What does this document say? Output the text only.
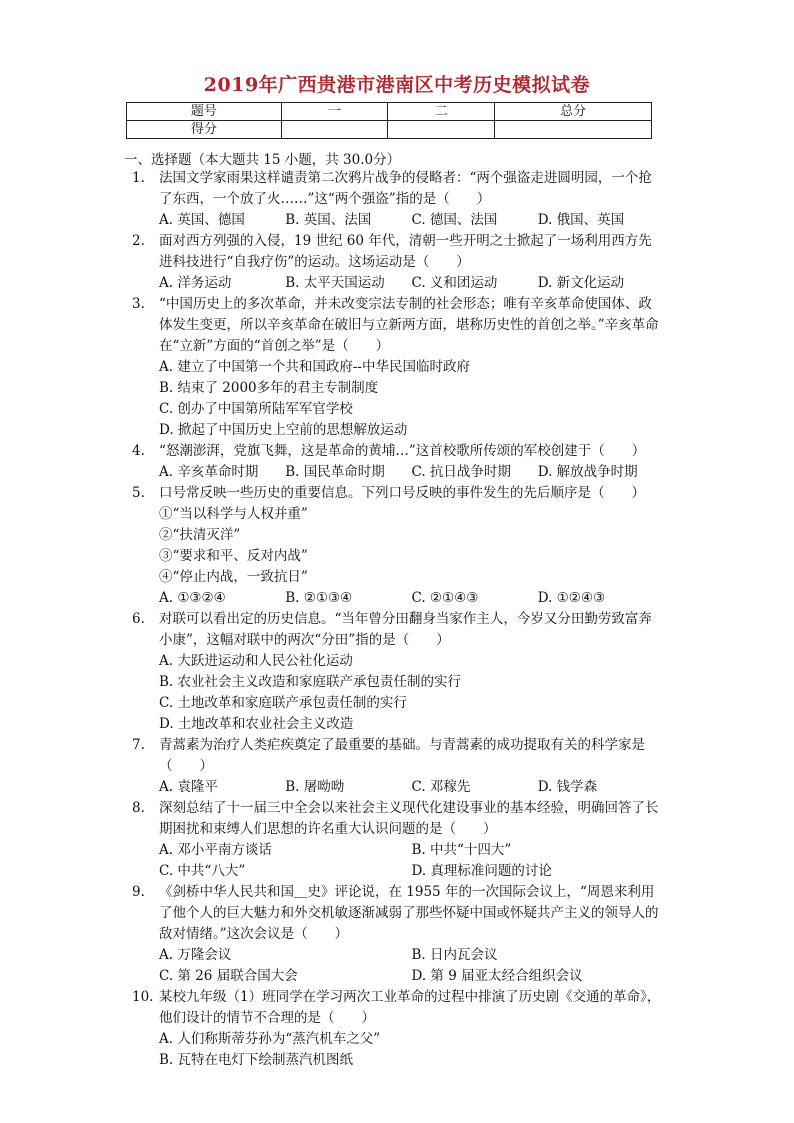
2019年广西贵港市港南区中考历史模拟试卷
题号	一	二	总分
得分			
一、选择题（本大题共 15 小题，共 30.0分）
1. 法国文学家雨果这样谴责第二次鸦片战争的侵略者：“两个强盗走进圆明园，一个抢了东西，一个放了火……”这“两个强盗”指的是（　　）
A. 英国、德国	B. 英国、法国	C. 德国、法国	D. 俄国、英国
2. 面对西方列强的入侵，19 世纪 60 年代，清朝一些开明之士掀起了一场利用西方先进科技进行“自我疗伤”的运动。这场运动是（　　）
A. 洋务运动	B. 太平天国运动	C. 义和团运动	D. 新文化运动
3. “中国历史上的多次革命，并未改变宗法专制的社会形态；唯有辛亥革命使国体、政体发生变更，所以辛亥革命在破旧与立新两方面，堪称历史性的首创之举。”辛亥革命在“立新”方面的“首创之举”是（　　）
A. 建立了中国第一个共和国政府--中华民国临时政府
B. 结束了 2000多年的君主专制制度
C. 创办了中国第所陆军军官学校
D. 掀起了中国历史上空前的思想解放运动
4. “怒潮澎湃，党旗飞舞，这是革命的黄埔…”这首校歌所传颂的军校创建于（　　）
A. 辛亥革命时期	B. 国民革命时期	C. 抗日战争时期	D. 解放战争时期
5. 口号常反映一些历史的重要信息。下列口号反映的事件发生的先后顺序是（　　）
①“当以科学与人权并重”
②“扶清灭洋”
③“要求和平、反对内战”
④“停止内战，一致抗日”
A. ①③②④	B. ②①③④	C. ②①④③	D. ①②④③
6. 对联可以看出定的历史信息。“当年曾分田翻身当家作主人，今岁又分田勤劳致富奔小康”，这幅对联中的两次“分田”指的是（　　）
A. 大跃进运动和人民公社化运动
B. 农业社会主义改造和家庭联产承包责任制的实行
C. 土地改革和家庭联产承包责任制的实行
D. 土地改革和农业社会主义改造
7. 青蒿素为治疗人类疟疾奠定了最重要的基础。与青蒿素的成功提取有关的科学家是（　　）
A. 袁隆平	B. 屠呦呦	C. 邓稼先	D. 钱学森
8. 深刻总结了十一届三中全会以来社会主义现代化建设事业的基本经验，明确回答了长期困扰和束缚人们思想的许名重大认识问题的是（　　）
A. 邓小平南方谈话	B. 中共“十四大”
C. 中共“八大”	D. 真理标准问题的讨论
9. 《剑桥中华人民共和国＿史》评论说，在 1955 年的一次国际会议上，“周恩来利用了他个人的巨大魅力和外交机敏逐渐减弱了那些怀疑中国或怀疑共产主义的领导人的敌对情绪。”这次会议是（　　）
A. 万隆会议	B. 日内瓦会议
C. 第 26 届联合国大会	D. 第 9 届亚太经合组织会议
10. 某校九年级（1）班同学在学习两次工业革命的过程中排演了历史剧《交通的革命》，他们设计的情节不合理的是（　　）
A. 人们称斯蒂芬孙为“蒸汽机车之父”
B. 瓦特在电灯下绘制蒸汽机图纸
